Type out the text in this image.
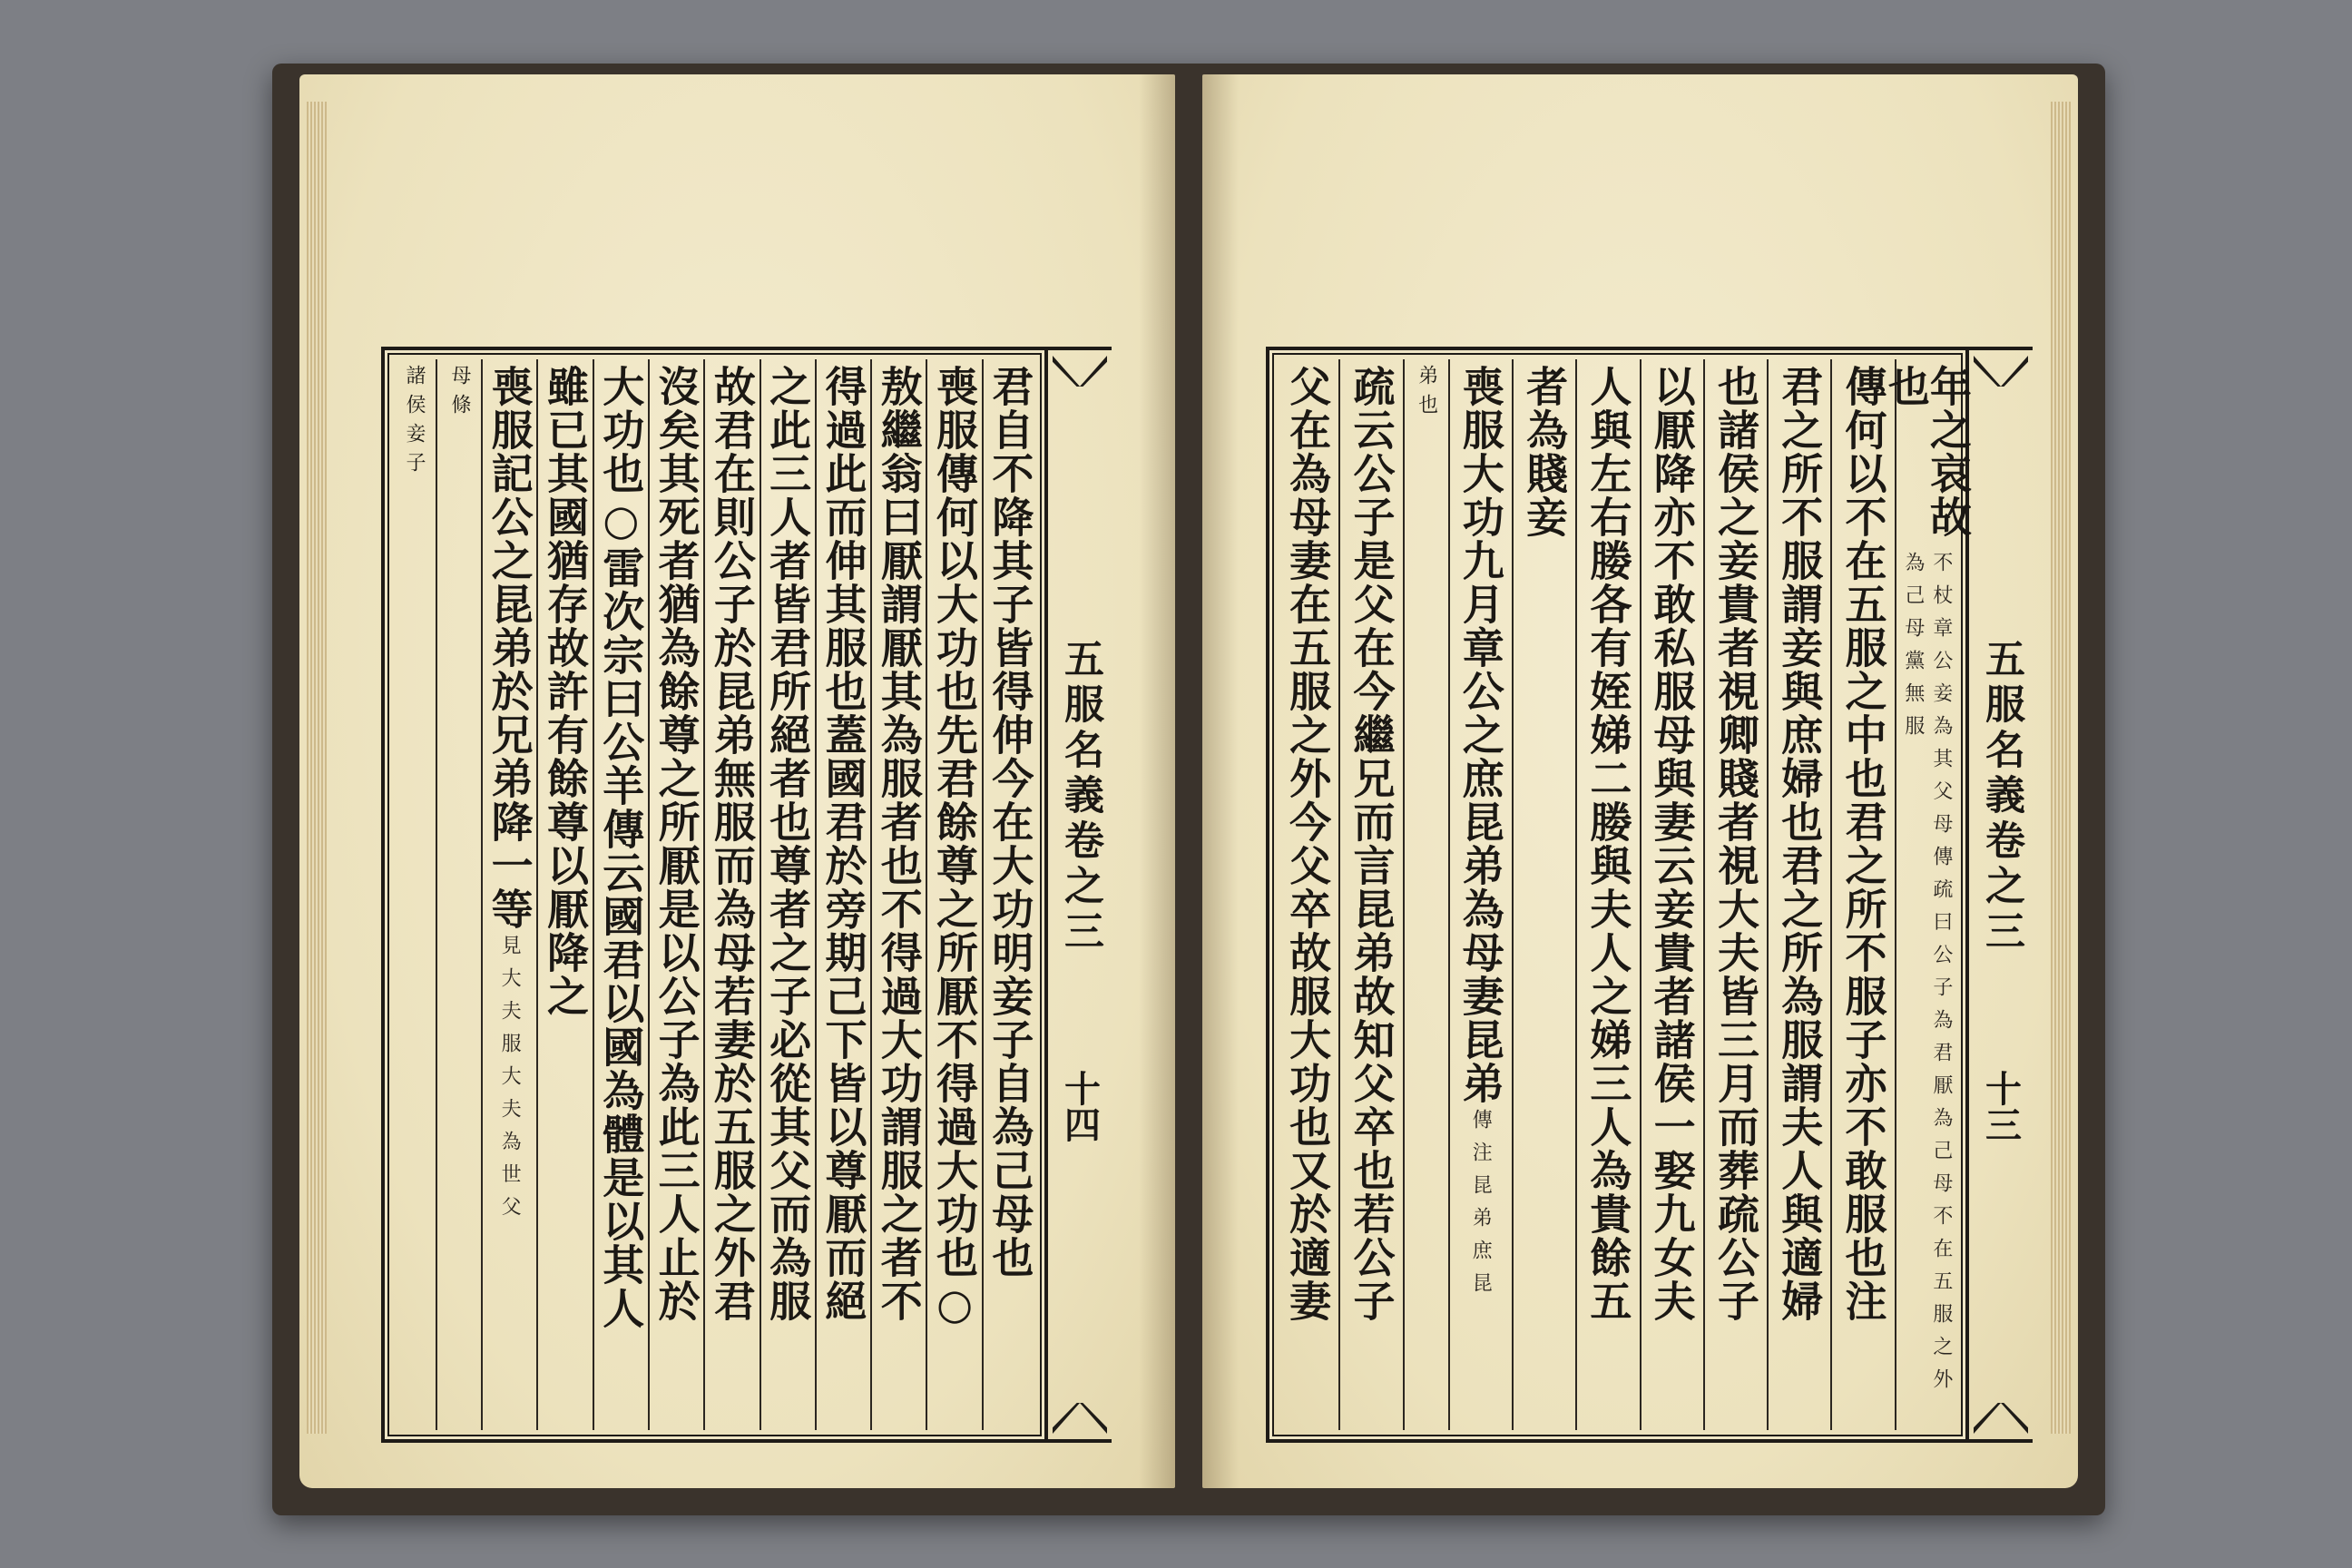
君自不降其子皆得伸今在大功明妾子自為己母也
喪服傳何以大功也先君餘尊之所厭不得過大功也○
敖繼翁曰厭謂厭其為服者也不得過大功謂服之者不
得過此而伸其服也蓋國君於旁期己下皆以尊厭而絕
之此三人者皆君所絕者也尊者之子必從其父而為服
故君在則公子於昆弟無服而為母若妻於五服之外君
沒矣其死者猶為餘尊之所厭是以公子為此三人止於
大功也○雷次宗曰公羊傳云國君以國為體是以其人
雖已其國猶存故許有餘尊以厭降之
喪服記公之昆弟於兄弟降一等
見大夫服大夫為世父
母條
諸侯妾子
五服名義卷之三
十四
年之哀故也
不杖章公妾為其父母傳疏曰公子為君厭為己母不在五服之外為己母黨無服
傳何以不在五服之中也君之所不服子亦不敢服也注
君之所不服謂妾與庶婦也君之所為服謂夫人與適婦
也諸侯之妾貴者視卿賤者視大夫皆三月而葬疏公子
以厭降亦不敢私服母與妻云妾貴者諸侯一娶九女夫
人與左右媵各有姪娣二媵與夫人之娣三人為貴餘五
者為賤妾
喪服大功九月章公之庶昆弟為母妻昆弟
傳注昆弟庶昆
弟也
疏云公子是父在今繼兄而言昆弟故知父卒也若公子
父在為母妻在五服之外今父卒故服大功也又於適妻	五服名義卷之三
十三
